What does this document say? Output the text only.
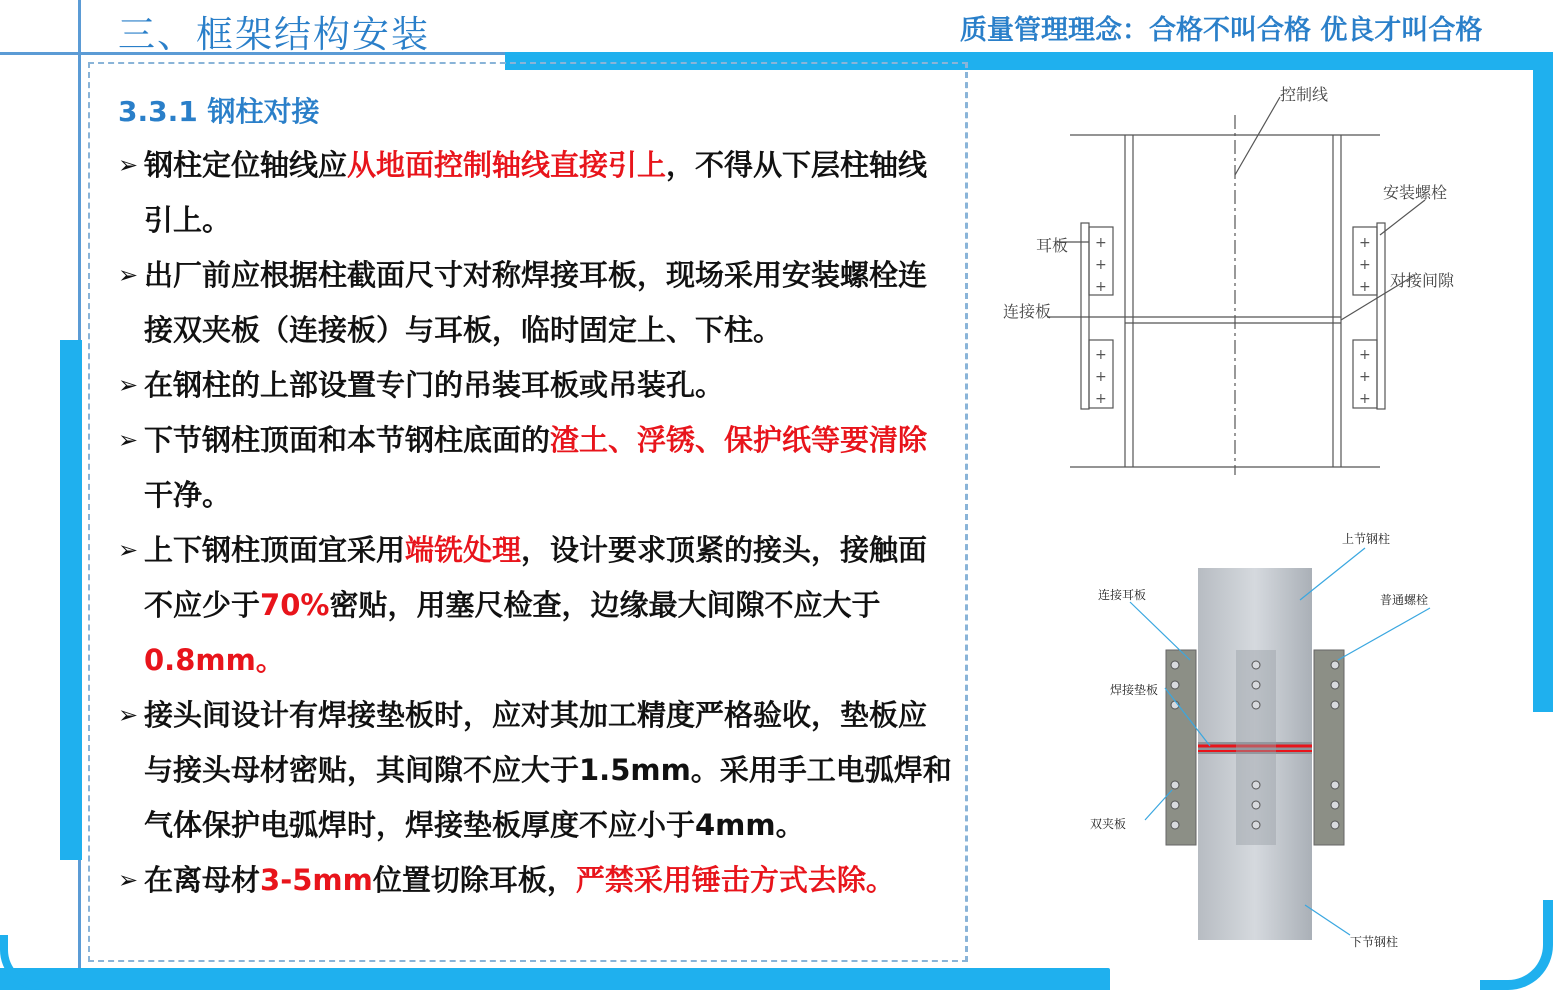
三、框架结构安装	质量管理理念：合格不叫合格 优良才叫合格
3.3.1 钢柱对接
➢ 钢柱定位轴线应从地面控制轴线直接引上，不得从下层柱轴线引上。
➢ 出厂前应根据柱截面尺寸对称焊接耳板，现场采用安装螺栓连接双夹板（连接板）与耳板，临时固定上、下柱。
➢ 在钢柱的上部设置专门的吊装耳板或吊装孔。
➢ 下节钢柱顶面和本节钢柱底面的渣土、浮锈、保护纸等要清除干净。
➢ 上下钢柱顶面宜采用端铣处理，设计要求顶紧的接头，接触面不应少于70%密贴，用塞尺检查，边缘最大间隙不应大于0.8mm。
➢ 接头间设计有焊接垫板时，应对其加工精度严格验收，垫板应与接头母材密贴，其间隙不应大于1.5mm。采用手工电弧焊和气体保护电弧焊时，焊接垫板厚度不应小于4mm。
➢ 在离母材3-5mm位置切除耳板，严禁采用锤击方式去除。
+
+
+
+
+
+
+
+
+
+
+
+
控制线
安装螺栓
耳板
对接间隙
连接板
上节钢柱
连接耳板	普通螺栓
焊接垫板
双夹板
下节钢柱
